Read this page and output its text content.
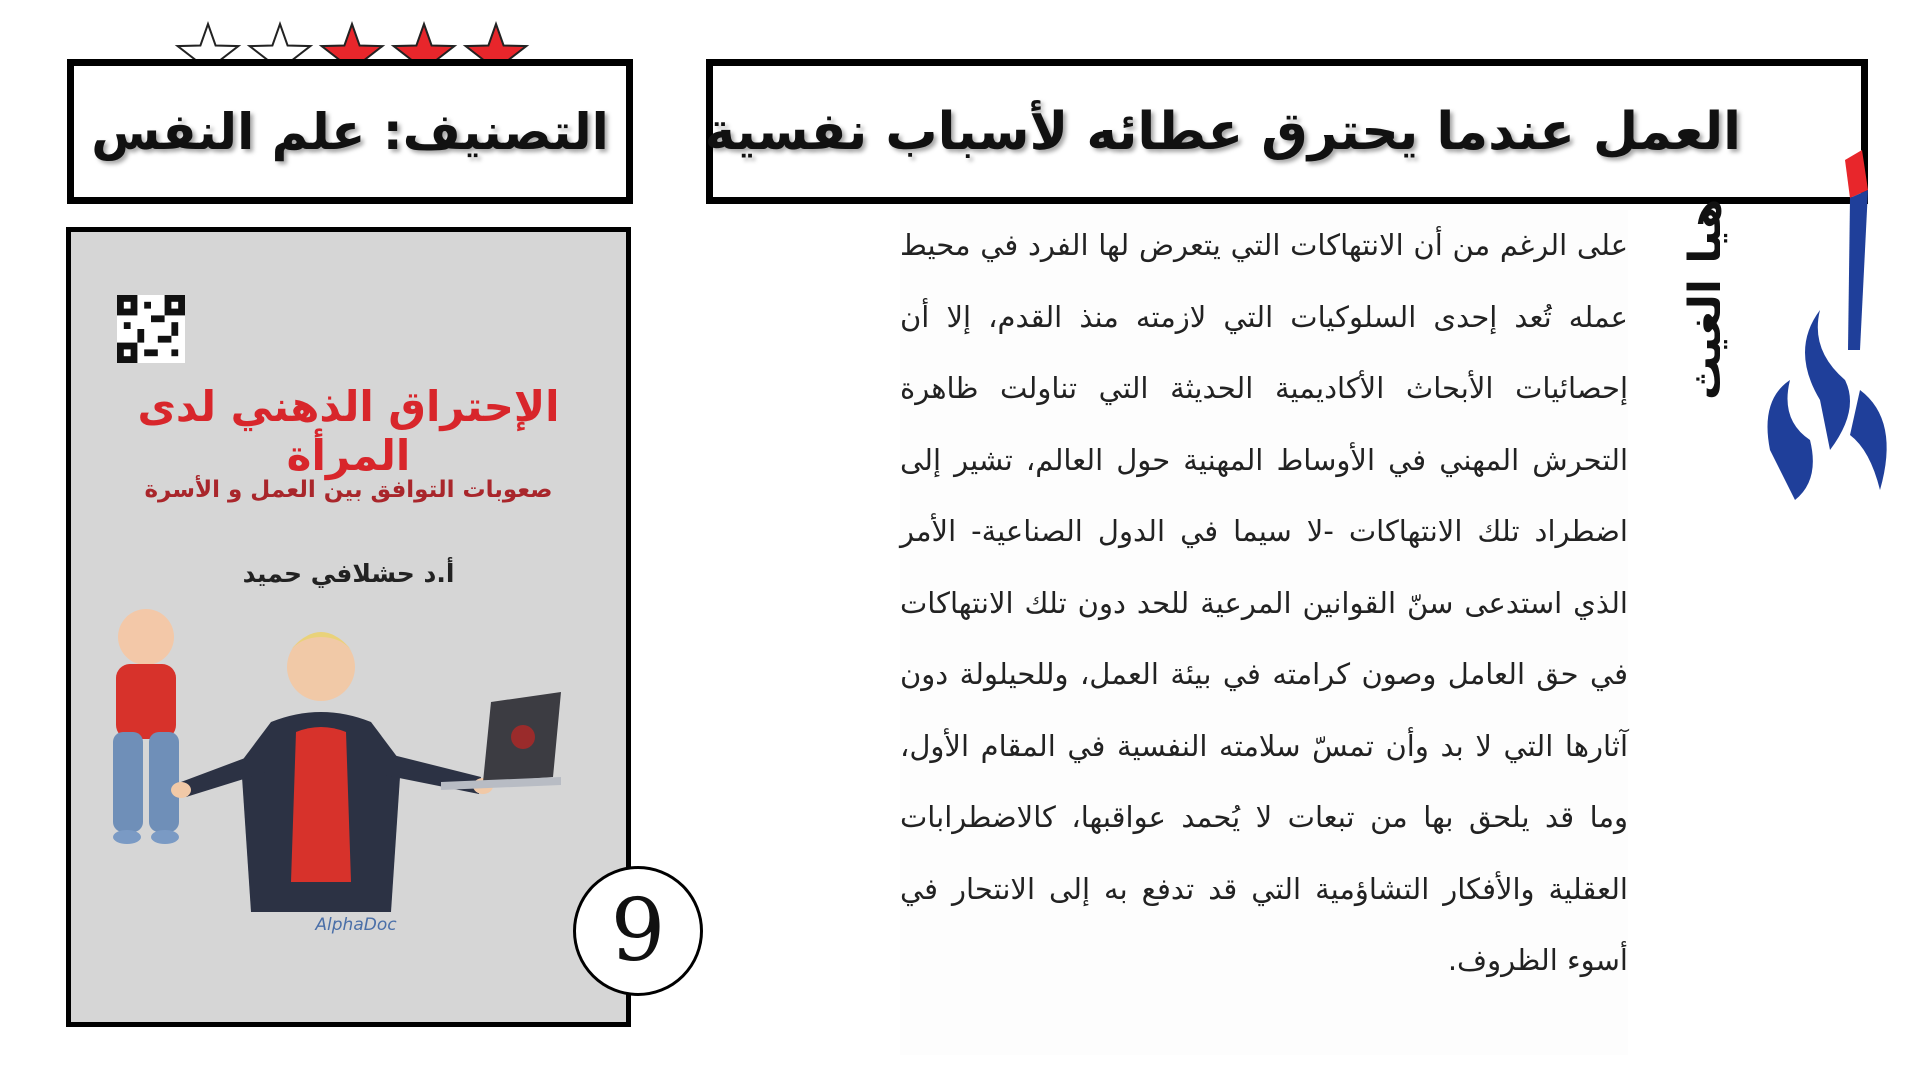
العمل عندما يحترق عطائه لأسباب نفسية
التصنيف: علم النفس
الإحتراق الذهني لدى المرأة
صعوبات التوافق بين العمل و الأسرة
أ.د حشلافي حميد
AlphaDoc 9
على الرغم من أن الانتهاكات التي يتعرض لها الفرد في محيط عمله تُعد إحدى السلوكيات التي لازمته منذ القدم، إلا أن إحصائيات الأبحاث الأكاديمية الحديثة التي تناولت ظاهرة التحرش المهني في الأوساط المهنية حول العالم، تشير إلى اضطراد تلك الانتهاكات -لا سيما في الدول الصناعية- الأمر الذي استدعى سنّ القوانين المرعية للحد دون تلك الانتهاكات في حق العامل وصون كرامته في بيئة العمل، وللحيلولة دون آثارها التي لا بد وأن تمسّ سلامته النفسية في المقام الأول، وما قد يلحق بها من تبعات لا يُحمد عواقبها، كالاضطرابات العقلية والأفكار التشاؤمية التي قد تدفع به إلى الانتحار في أسوء الظروف.
هيا الغيث
